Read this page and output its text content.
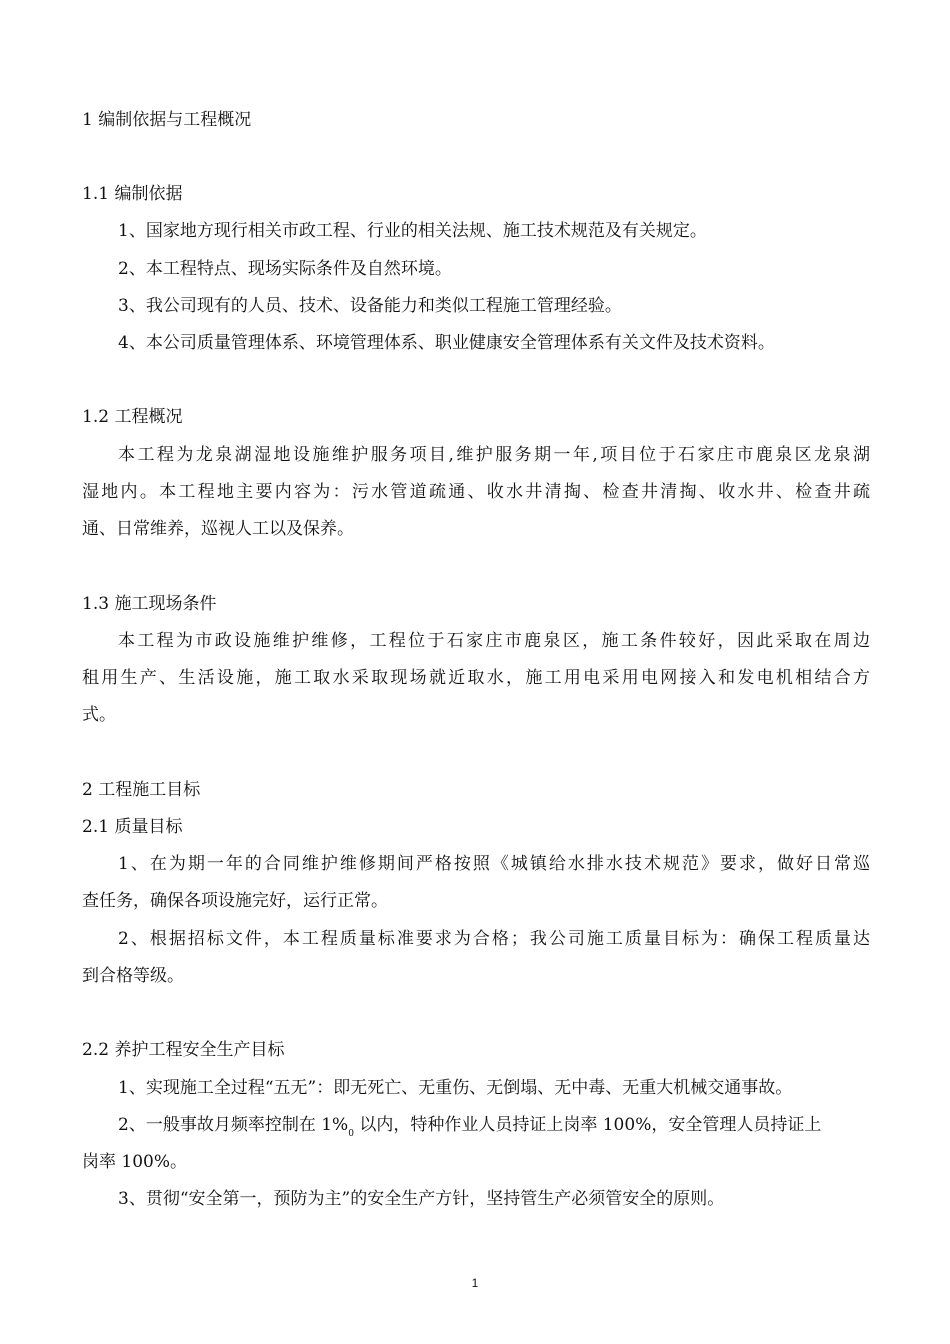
1 编制依据与工程概况
1.1 编制依据
1、国家地方现行相关市政工程、行业的相关法规、施工技术规范及有关规定。
2、本工程特点、现场实际条件及自然环境。
3、我公司现有的人员、技术、设备能力和类似工程施工管理经验。
4、本公司质量管理体系、环境管理体系、职业健康安全管理体系有关文件及技术资料。
1.2 工程概况
本工程为龙泉湖湿地设施维护服务项目,维护服务期一年,项目位于石家庄市鹿泉区龙泉湖
湿地内。本工程地主要内容为：污水管道疏通、收水井清掏、检查井清掏、收水井、检查井疏
通、日常维养，巡视人工以及保养。
1.3 施工现场条件
本工程为市政设施维护维修，工程位于石家庄市鹿泉区，施工条件较好，因此采取在周边
租用生产、生活设施，施工取水采取现场就近取水，施工用电采用电网接入和发电机相结合方
式。
2 工程施工目标
2.1 质量目标
1、在为期一年的合同维护维修期间严格按照《城镇给水排水技术规范》要求，做好日常巡
查任务，确保各项设施完好，运行正常。
2、根据招标文件，本工程质量标准要求为合格；我公司施工质量目标为：确保工程质量达
到合格等级。
2.2 养护工程安全生产目标
1、实现施工全过程“五无”：即无死亡、无重伤、无倒塌、无中毒、无重大机械交通事故。
2、一般事故月频率控制在 $1\%_0$ 以内，特种作业人员持证上岗率 100%，安全管理人员持证上
岗率 100%。
3、贯彻“安全第一，预防为主”的安全生产方针，坚持管生产必须管安全的原则。
1
